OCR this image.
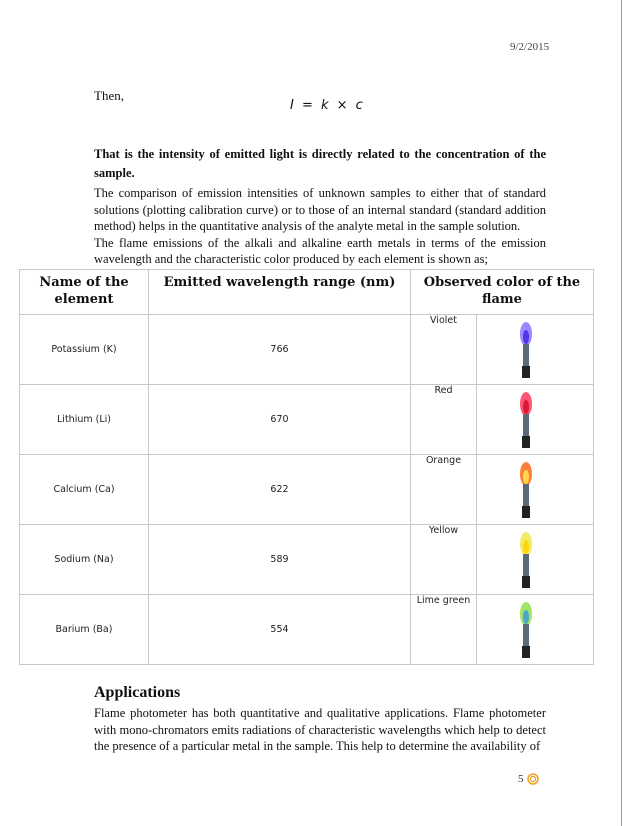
9/2/2015
Then,
I = k × c
That is the intensity of emitted light is directly related to the concentration of the sample.

The comparison of emission intensities of unknown samples to either that of standard solutions (plotting calibration curve) or to those of an internal standard (standard addition method) helps in the quantitative analysis of the analyte metal in the sample solution.

The flame emissions of the alkali and alkaline earth metals in terms of the emission wavelength and the characteristic color produced by each element is shown as;

Name of the element	Emitted wavelength range (nm)	Observed color of the flame	
Potassium (K)	766	Violet	

Lithium (Li)	670	Red	

Calcium (Ca)	622	Orange	

Sodium (Na)	589	Yellow	

Barium (Ba)	554	Lime green	
Applications
Flame photometer has both quantitative and qualitative applications. Flame photometer with mono-chromators emits radiations of characteristic wavelengths which help to detect the presence of a particular metal in the sample. This help to determine the availability of
5
